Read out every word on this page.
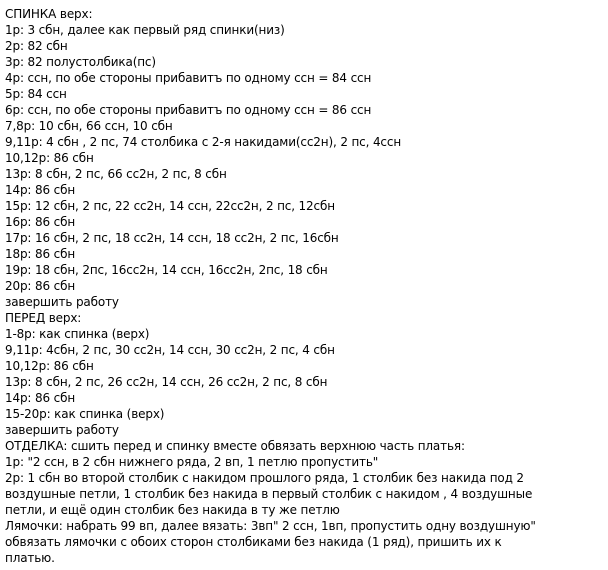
СПИНКА верх:
1р: 3 сбн, далее как первый ряд спинки(низ)
2р: 82 сбн
3р: 82 полустолбика(пс)
4р: ссн, по обе стороны прибавитъ по одному ссн = 84 ссн
5р: 84 ссн
6р: ссн, по обе стороны прибавитъ по одному ссн = 86 ссн
7,8р: 10 сбн, 66 ссн, 10 сбн
9,11р: 4 сбн , 2 пс, 74 столбика с 2-я накидами(сс2н), 2 пс, 4ссн
10,12р: 86 сбн
13р: 8 сбн, 2 пс, 66 сс2н, 2 пс, 8 сбн
14р: 86 сбн
15р: 12 сбн, 2 пс, 22 сс2н, 14 ссн, 22сс2н, 2 пс, 12сбн
16р: 86 сбн
17р: 16 сбн, 2 пс, 18 сс2н, 14 ссн, 18 сс2н, 2 пс, 16сбн
18р: 86 сбн
19р: 18 сбн, 2пс, 16сс2н, 14 ссн, 16сс2н, 2пс, 18 сбн
20р: 86 сбн
завершить работу
ПЕРЕД верх:
1-8р: как спинка (верх)
9,11р: 4сбн, 2 пс, 30 сс2н, 14 ссн, 30 сс2н, 2 пс, 4 сбн
10,12р: 86 сбн
13р: 8 сбн, 2 пс, 26 сс2н, 14 ссн, 26 сс2н, 2 пс, 8 сбн
14р: 86 сбн
15-20р: как спинка (верх)
завершить работу
ОТДЕЛКА: сшить перед и спинку вместе обвязать верхнюю часть платья:
1р: "2 ссн, в 2 сбн нижнего ряда, 2 вп, 1 петлю пропустить"
2р: 1 сбн во второй столбик с накидом прошлого ряда, 1 столбик без накида под 2
воздушные петли, 1 столбик без накида в первый столбик с накидом , 4 воздушные
петли, и ещё один столбик без накида в ту же петлю
Лямочки: набрать 99 вп, далее вязать: 3вп" 2 ссн, 1вп, пропустить одну воздушную"
обвязать лямочки с обоих сторон столбиками без накида (1 ряд), пришить их к
платью.
